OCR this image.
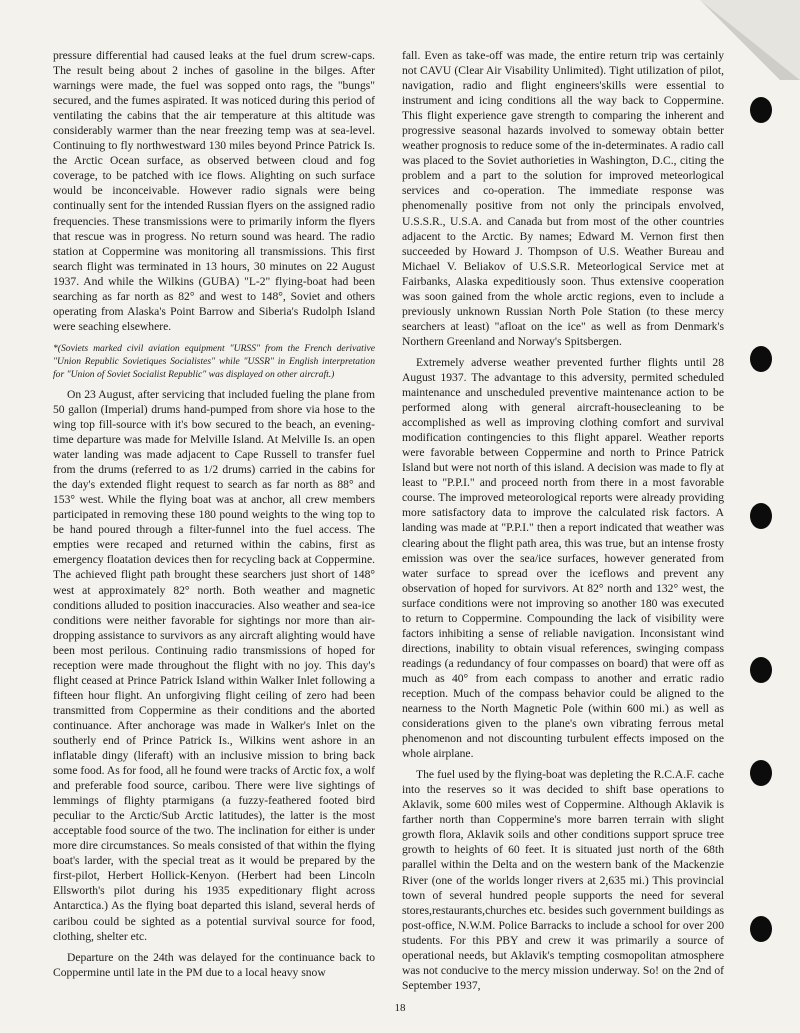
pressure differential had caused leaks at the fuel drum screw-caps. The result being about 2 inches of gasoline in the bilges. After warnings were made, the fuel was sopped onto rags, the "bungs" secured, and the fumes aspirated. It was noticed during this period of ventilating the cabins that the air temperature at this altitude was considerably warmer than the near freezing temp was at sea-level. Continuing to fly northwestward 130 miles beyond Prince Patrick Is. the Arctic Ocean surface, as observed between cloud and fog coverage, to be patched with ice flows. Alighting on such surface would be inconceivable. However radio signals were being continually sent for the intended Russian flyers on the assigned radio frequencies. These transmissions were to primarily inform the flyers that rescue was in progress. No return sound was heard. The radio station at Coppermine was monitoring all transmissions. This first search flight was terminated in 13 hours, 30 minutes on 22 August 1937. And while the Wilkins (GUBA) "L-2" flying-boat had been searching as far north as 82° and west to 148°, Soviet and others operating from Alaska's Point Barrow and Siberia's Rudolph Island were seaching elsewhere.

*(Soviets marked civil aviation equipment "URSS" from the French derivative "Union Republic Sovietiques Socialistes" while "USSR" in English interpretation for "Union of Soviet Socialist Republic" was displayed on other aircraft.)

On 23 August, after servicing that included fueling the plane from 50 gallon (Imperial) drums hand-pumped from shore via hose to the wing top fill-source with it's bow secured to the beach, an evening-time departure was made for Melville Island. At Melville Is. an open water landing was made adjacent to Cape Russell to transfer fuel from the drums (referred to as 1/2 drums) carried in the cabins for the day's extended flight request to search as far north as 88° and 153° west. While the flying boat was at anchor, all crew members participated in removing these 180 pound weights to the wing top to be hand poured through a filter-funnel into the fuel access. The empties were recaped and returned within the cabins, first as emergency floatation devices then for recycling back at Coppermine. The achieved flight path brought these searchers just short of 148° west at approximately 82° north. Both weather and magnetic conditions alluded to position inaccuracies. Also weather and sea-ice conditions were neither favorable for sightings nor more than air-dropping assistance to survivors as any aircraft alighting would have been most perilous. Continuing radio transmissions of hoped for reception were made throughout the flight with no joy. This day's flight ceased at Prince Patrick Island within Walker Inlet following a fifteen hour flight. An unforgiving flight ceiling of zero had been transmitted from Coppermine as their conditions and the aborted continuance. After anchorage was made in Walker's Inlet on the southerly end of Prince Patrick Is., Wilkins went ashore in an inflatable dingy (liferaft) with an inclusive mission to bring back some food. As for food, all he found were tracks of Arctic fox, a wolf and preferable food source, caribou. There were live sightings of lemmings of flighty ptarmigans (a fuzzy-feathered footed bird peculiar to the Arctic/Sub Arctic latitudes), the latter is the most acceptable food source of the two. The inclination for either is under more dire circumstances. So meals consisted of that within the flying boat's larder, with the special treat as it would be prepared by the first-pilot, Herbert Hollick-Kenyon. (Herbert had been Lincoln Ellsworth's pilot during his 1935 expeditionary flight across Antarctica.) As the flying boat departed this island, several herds of caribou could be sighted as a potential survival source for food, clothing, shelter etc.

Departure on the 24th was delayed for the continuance back to Coppermine until late in the PM due to a local heavy snow

fall. Even as take-off was made, the entire return trip was certainly not CAVU (Clear Air Visability Unlimited). Tight utilization of pilot, navigation, radio and flight engineers'skills were essential to instrument and icing conditions all the way back to Coppermine. This flight experience gave strength to comparing the inherent and progressive seasonal hazards involved to someway obtain better weather prognosis to reduce some of the in-determinates. A radio call was placed to the Soviet authorieties in Washington, D.C., citing the problem and a part to the solution for improved meteorlogical services and co-operation. The immediate response was phenomenally positive from not only the principals envolved, U.S.S.R., U.S.A. and Canada but from most of the other countries adjacent to the Arctic. By names; Edward M. Vernon first then succeeded by Howard J. Thompson of U.S. Weather Bureau and Michael V. Beliakov of U.S.S.R. Meteorlogical Service met at Fairbanks, Alaska expeditiously soon. Thus extensive cooperation was soon gained from the whole arctic regions, even to include a previously unknown Russian North Pole Station (to these mercy searchers at least) "afloat on the ice" as well as from Denmark's Northern Greenland and Norway's Spitsbergen.

Extremely adverse weather prevented further flights until 28 August 1937. The advantage to this adversity, permited scheduled maintenance and unscheduled preventive maintenance action to be performed along with general aircraft-housecleaning to be accomplished as well as improving clothing comfort and survival modification contingencies to this flight apparel. Weather reports were favorable between Coppermine and north to Prince Patrick Island but were not north of this island. A decision was made to fly at least to "P.P.I." and proceed north from there in a most favorable course. The improved meteorological reports were already providing more satisfactory data to improve the calculated risk factors. A landing was made at "P.P.I." then a report indicated that weather was clearing about the flight path area, this was true, but an intense frosty emission was over the sea/ice surfaces, however generated from water surface to spread over the iceflows and prevent any observation of hoped for survivors. At 82° north and 132° west, the surface conditions were not improving so another 180 was executed to return to Coppermine. Compounding the lack of visibility were factors inhibiting a sense of reliable navigation. Inconsistant wind directions, inability to obtain visual references, swinging compass readings (a redundancy of four compasses on board) that were off as much as 40° from each compass to another and erratic radio reception. Much of the compass behavior could be aligned to the nearness to the North Magnetic Pole (within 600 mi.) as well as considerations given to the plane's own vibrating ferrous metal phenomenon and not discounting turbulent effects imposed on the whole airplane.

The fuel used by the flying-boat was depleting the R.C.A.F. cache into the reserves so it was decided to shift base operations to Aklavik, some 600 miles west of Coppermine. Although Aklavik is farther north than Coppermine's more barren terrain with slight growth flora, Aklavik soils and other conditions support spruce tree growth to heights of 60 feet. It is situated just north of the 68th parallel within the Delta and on the western bank of the Mackenzie River (one of the worlds longer rivers at 2,635 mi.) This provincial town of several hundred people supports the need for several stores,restaurants,churches etc. besides such government buildings as post-office, N.W.M. Police Barracks to include a school for over 200 students. For this PBY and crew it was primarily a source of operational needs, but Aklavik's tempting cosmopolitan atmosphere was not conducive to the mercy mission underway. So! on the 2nd of September 1937,

18
